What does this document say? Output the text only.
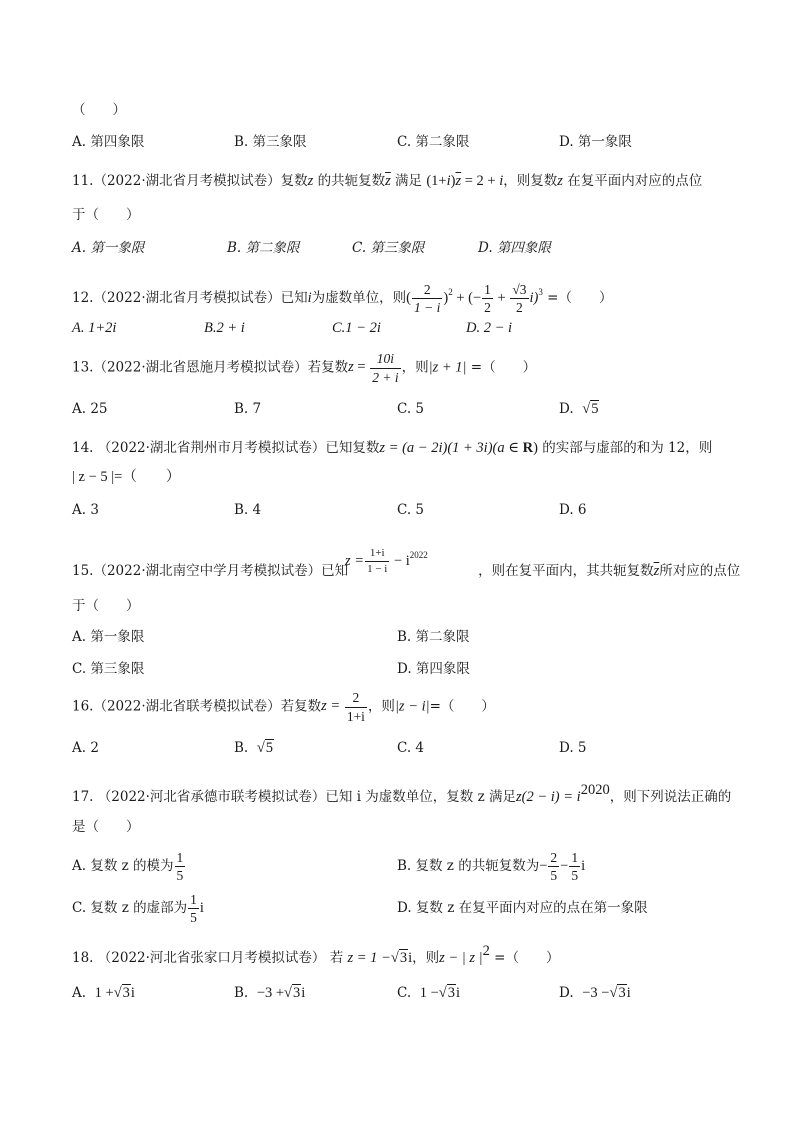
（　　）
A. 第四象限	B. 第三象限	C. 第二象限	D. 第一象限
11.（2022·湖北省月考模拟试卷）复数z 的共轭复数$\overline{z}$ 满足 $(1+i)\overline{z} = 2 + i$，则复数z 在复平面内对应的点位
于（　　）
A. 第一象限	B. 第二象限	C. 第三象限	D. 第四象限
12.（2022·湖北省月考模拟试卷）已知i为虚数单位，则( $\frac{2}{1 - i} )^2$ + (− $\frac{1}{2} + \frac{√3}{2} i)^3$ =（　　）
A. 1+2i	B.2 + i	C.1 − 2i	D. 2 − i
13.（2022·湖北省恩施月考模拟试卷）若复数$z = \frac{10i}{2 + i}$ ，则|z + 1| =（　　）
A. 25	B. 7	C. 5	D. √5
14. （2022·湖北省荆州市月考模拟试卷）已知复数z = (a − 2i)(1 + 3i)(a ∈ R) 的实部与虚部的和为 12，则
| z − 5 |=（　　）
A. 3	B. 4	C. 5	D. 6
$z = \frac{1+i}{1 - i} - i^{2022}$
15.（2022·湖北南空中学月考模拟试卷）已知	，则在复平面内，其共轭复数$\overline{z}$所对应的点位
于（　　）
A. 第一象限	B. 第二象限
C. 第三象限	D. 第四象限
16.（2022·湖北省联考模拟试卷）若复数$z = \frac{2}{1+i}$ ，则|z − i|=（　　）
A. 2	B. √5	C. 4	D. 5
17. （2022·河北省承德市联考模拟试卷）已知 i 为虚数单位，复数 z 满足$z(2 - i) = i^{2020}$，则下列说法正确的
是（　　）
A. 复数 z 的模为 $\frac{1}{5}$	B. 复数 z 的共轭复数为− $\frac{2}{5} - \frac{1}{5}$ i
C. 复数 z 的虚部为 $\frac{1}{5}$ i	D. 复数 z 在复平面内对应的点在第一象限
18. （2022·河北省张家口月考模拟试卷） 若 z = 1 −√3i，则z − | z $|^2$ =（　　）
A. 1 +√3i	B. −3 +√3i	C. 1 −√3i	D. −3 −√3i
